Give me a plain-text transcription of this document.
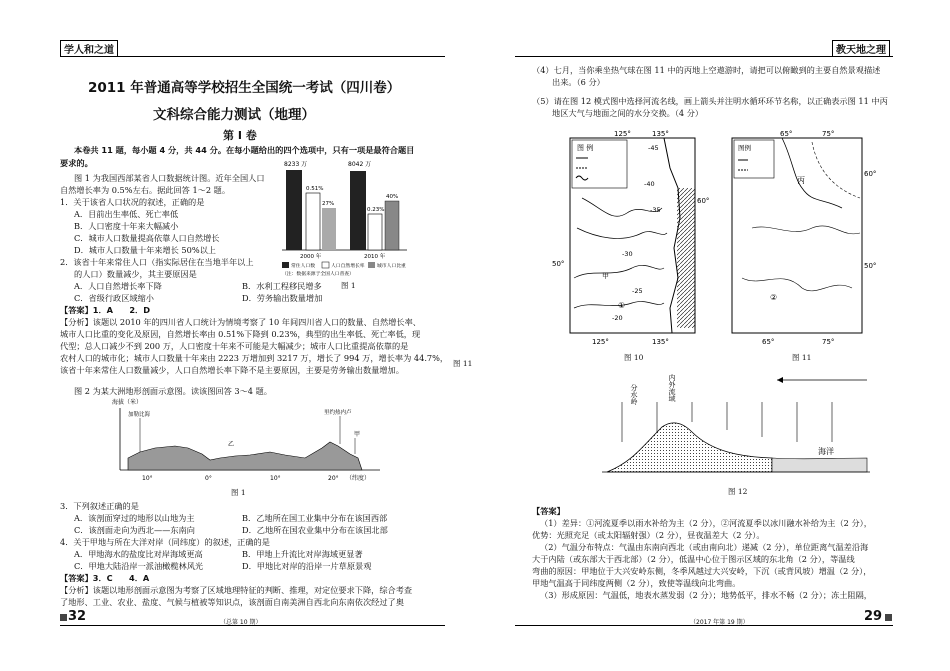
学人和之道
2011 年普通高等学校招生全国统一考试（四川卷）
文科综合能力测试（地理）
第 Ⅰ 卷
本卷共 11 题，每小题 4 分，共 44 分。在每小题给出的四个选项中，只有一项是最符合题目
要求的。
图 1 为我国西部某省人口数据统计图。近年全国人口
自然增长率为 0.5%左右。据此回答 1～2 题。
1．关于该省人口状况的叙述，正确的是
A．目前出生率低、死亡率低
B．人口密度十年来大幅减小
C．城市人口数量提高依靠人口自然增长
D．城市人口数量十年来增长 50%以上
2．该省十年来常住人口（指实际居住在当地半年以上
的人口）数量减少，其主要原因是
A．人口自然增长率下降	B．水利工程移民增多
C．省级行政区域缩小	D．劳务输出数量增加
8233 万
0.51%
27%
8042 万
0.23%
40%
2000 年	2010 年
常住人口数	人口自然增长率	城市人口比重
（注：数据来源于全国人口普查）
图 1
【答案】1．A　　2．D
【分析】该题以 2010 年的四川省人口统计为情境考察了 10 年间四川省人口的数量、自然增长率、
城市人口比重的变化及原因，自然增长率由 0.51%下降到 0.23%，典型的出生率低、死亡率低，现
代型；总人口减少不到 200 万，人口密度十年来不可能是大幅减少；城市人口比重提高依靠的是
农村人口的城市化；城市人口数量十年来由 2223 万增加到 3217 万，增长了 994 万，增长率为 44.7%，
该省十年来常住人口数量减少，人口自然增长率下降不是主要原因，主要是劳务输出数量增加。
图 2 为某大洲地形剖面示意图。读该图回答 3～4 题。
海拔（米）
加勒比海
乙
里约热内卢
甲
10°	0°	10°	20° （纬度）
图 1
3．下列叙述正确的是
A．该剖面穿过的地形以山地为主	B．乙地所在国工业集中分布在该国西部
C．该剖面走向为西北——东南向	D．乙地所在国农业集中分布在该国北部
4．关于甲地与所在大洋对岸（同纬度）的叙述，正确的是
A．甲地海水的盐度比对岸海域更高	B．甲地上升流比对岸海域更显著
C．甲地大陆沿岸一派油橄榄林风光	D．甲地比对岸的沿岸一片草原景观
【答案】3．C　　4．A
【分析】该题以地形剖面示意图为考察了区域地理特征的判断、推理，对定位要求下降，综合考查
了地形、工业、农业、盐度、气候与植被等知识点，该剖面自南美洲自西北向东南依次经过了奥
32	（总第 10 期）
教天地之理
（4）七月，当你乘坐热气球在图 11 中的丙地上空遨游时，请把可以俯瞰到的主要自然景观描述
出来。（6 分）
（5）请在图 12 模式图中选择河流名线，画上箭头并注明水循环环节名称，以正确表示图 11 中丙
地区大气与地面之间的水分交换。（4 分）
125°	135°
60°
50°
125°	135°
图 例	-45
-40
-35
-30
-25
-20
①
甲
图 10
65°	75°
60°
50°
65°	75°
图例
丙
②
图 11
图 11
分水岭	内外流域
海洋
图 12
【答案】
（1）差异：①河流夏季以雨水补给为主（2 分），②河流夏季以冰川融水补给为主（2 分），
优势：光照充足（或太阳辐射强）（2 分），昼夜温差大（2 分）。
（2）气温分布特点：气温由东南向西北（或由南向北）递减（2 分），单位距离气温差沿海
大于内陆（或东部大于西北部）（2 分），低温中心位于图示区域的东北角（2 分），等温线
弯曲的原因：甲地位于大兴安岭东侧，冬季风越过大兴安岭，下沉（或背风坡）增温（2 分），
甲地气温高于同纬度两侧（2 分），致使等温线向北弯曲。
（3）形成原因：气温低，地表水蒸发弱（2 分）；地势低平，排水不畅（2 分）；冻土阻隔，
（2017 年第 19 期）	29
